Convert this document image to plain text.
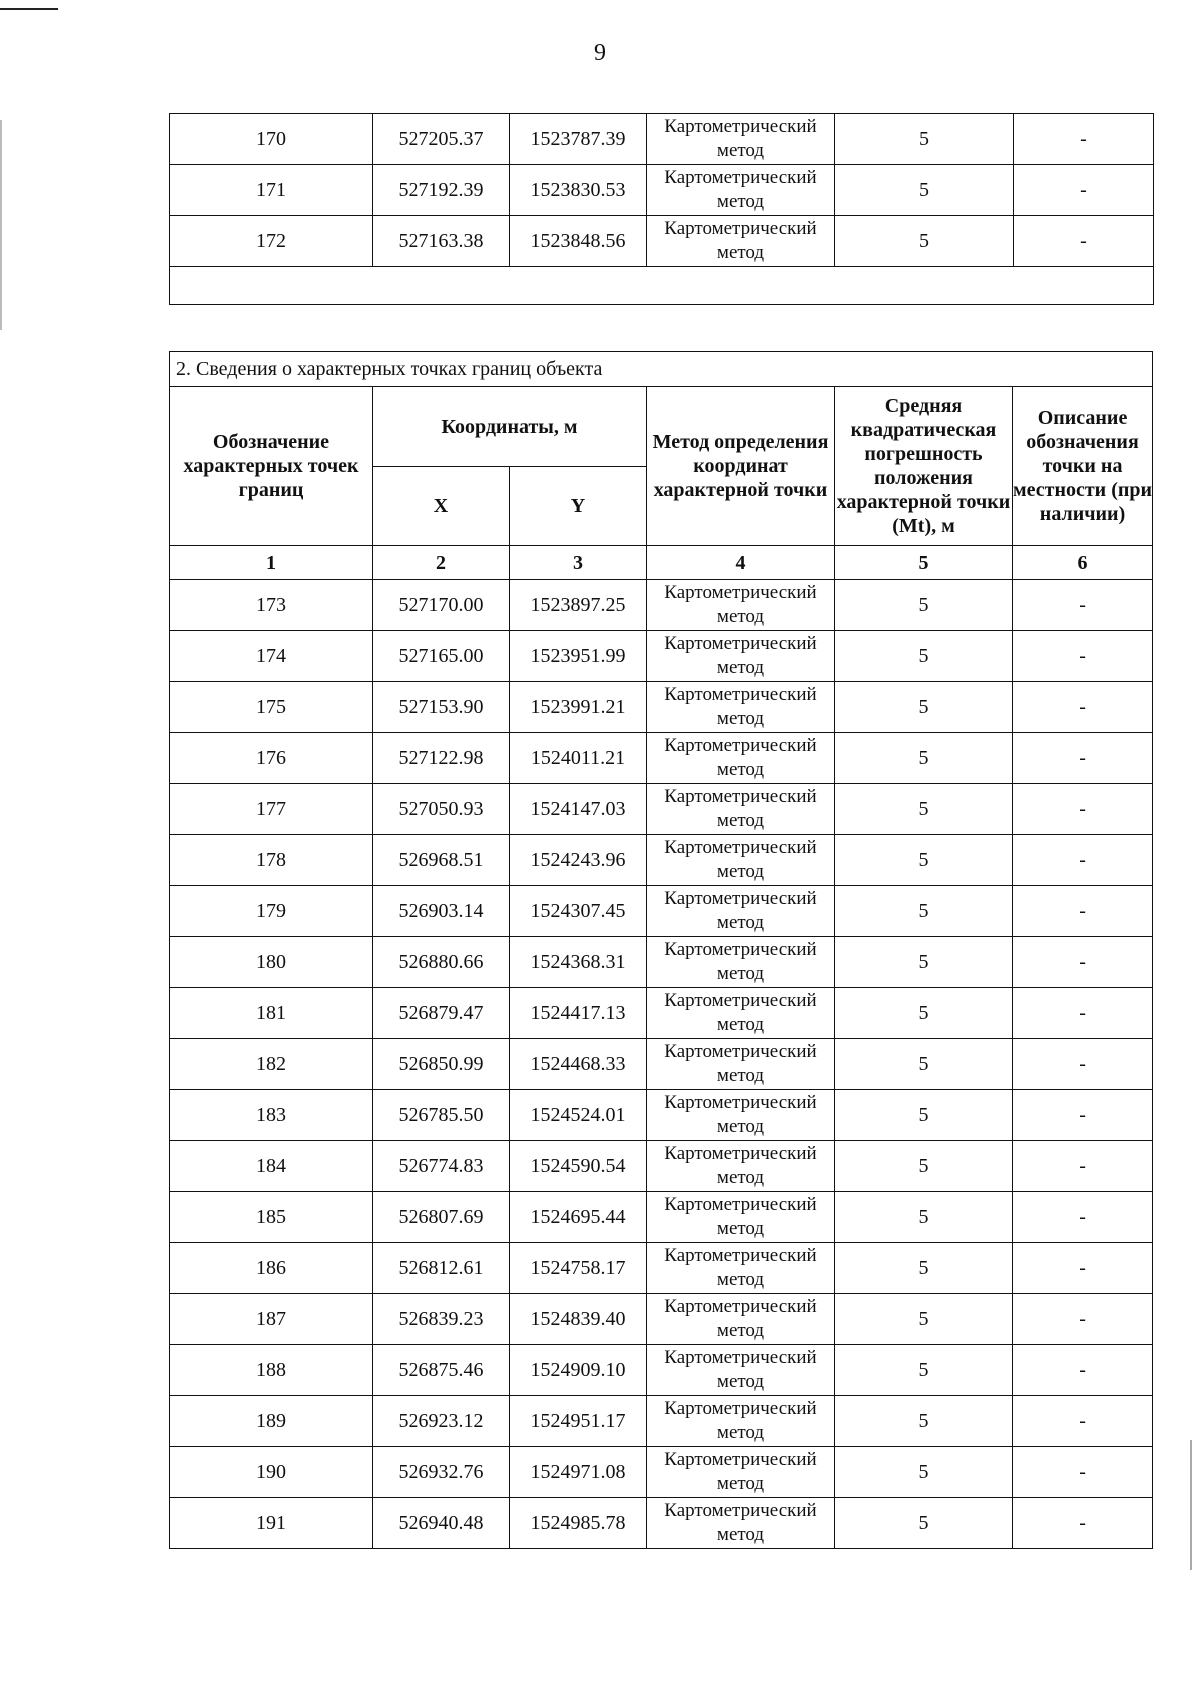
9
170	527205.37	1523787.39	Картометрический метод	5	-
171	527192.39	1523830.53	Картометрический метод	5	-
172	527163.38	1523848.56	Картометрический метод	5	-

2. Сведения о характерных точках границ объекта					
Обозначение характерных точек границ	Координаты, м		Метод определения координат характерной точки	Средняя квадратическая погрешность положения характерной точки (Mt), м	Описание обозначения точки на местности (при наличии)
	X	Y			
1	2	3	4	5	6
173	527170.00	1523897.25	Картометрический метод	5	-
174	527165.00	1523951.99	Картометрический метод	5	-
175	527153.90	1523991.21	Картометрический метод	5	-
176	527122.98	1524011.21	Картометрический метод	5	-
177	527050.93	1524147.03	Картометрический метод	5	-
178	526968.51	1524243.96	Картометрический метод	5	-
179	526903.14	1524307.45	Картометрический метод	5	-
180	526880.66	1524368.31	Картометрический метод	5	-
181	526879.47	1524417.13	Картометрический метод	5	-
182	526850.99	1524468.33	Картометрический метод	5	-
183	526785.50	1524524.01	Картометрический метод	5	-
184	526774.83	1524590.54	Картометрический метод	5	-
185	526807.69	1524695.44	Картометрический метод	5	-
186	526812.61	1524758.17	Картометрический метод	5	-
187	526839.23	1524839.40	Картометрический метод	5	-
188	526875.46	1524909.10	Картометрический метод	5	-
189	526923.12	1524951.17	Картометрический метод	5	-
190	526932.76	1524971.08	Картометрический метод	5	-
191	526940.48	1524985.78	Картометрический метод	5	-
